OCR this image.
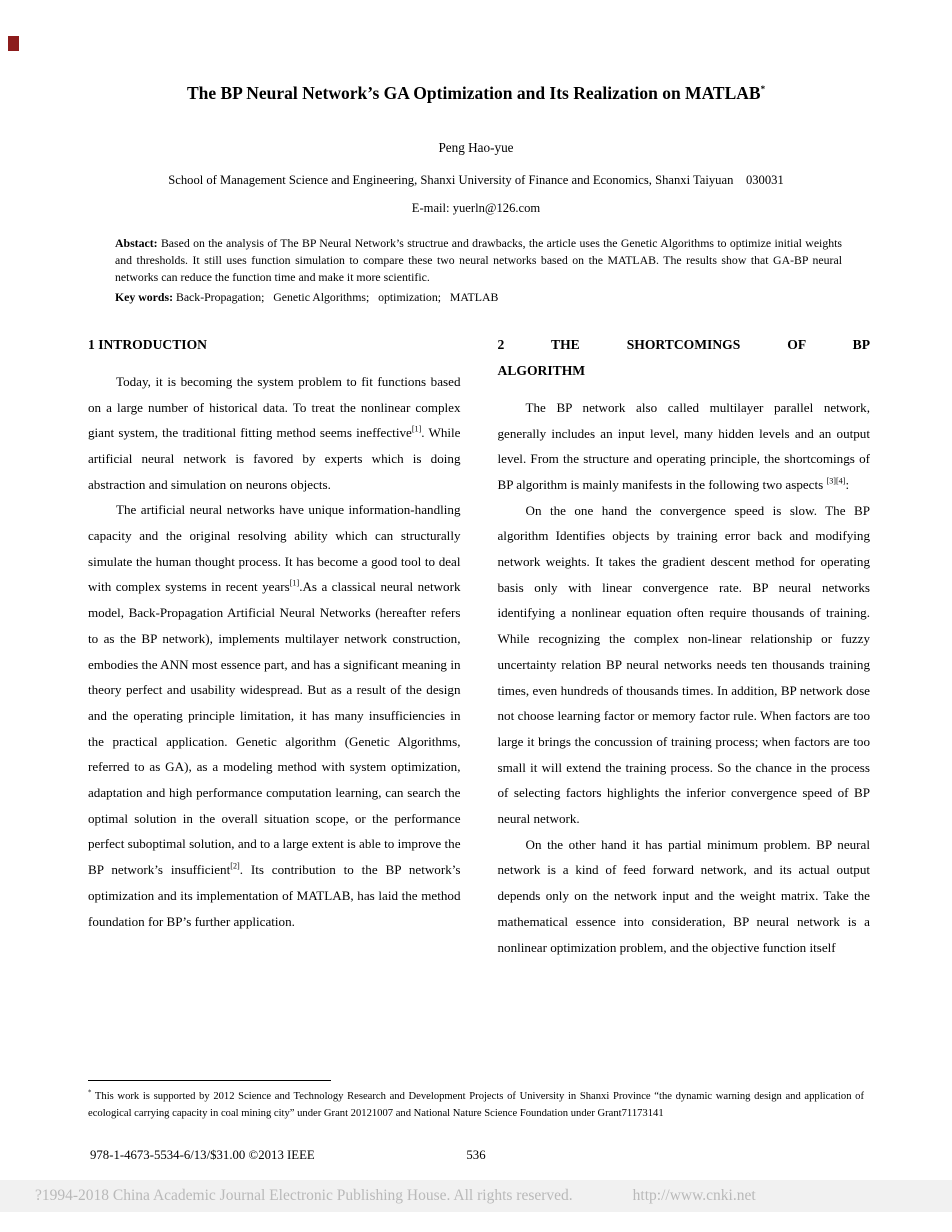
The BP Neural Network’s GA Optimization and Its Realization on MATLAB*
Peng Hao-yue
School of Management Science and Engineering, Shanxi University of Finance and Economics, Shanxi Taiyuan    030031
E-mail: yuerln@126.com

Abstact: Based on the analysis of The BP Neural Network’s structrue and drawbacks, the article uses the Genetic Algorithms to optimize initial weights and thresholds. It still uses function simulation to compare these two neural networks based on the MATLAB. The results show that GA-BP neural networks can reduce the function time and make it more scientific.

Key words: Back-Propagation;   Genetic Algorithms;   optimization;   MATLAB

1 INTRODUCTION

Today, it is becoming the system problem to fit functions based on a large number of historical data. To treat the nonlinear complex giant system, the traditional fitting method seems ineffective[1]. While artificial neural network is favored by experts which is doing abstraction and simulation on neurons objects.

The artificial neural networks have unique information-handling capacity and the original resolving ability which can structurally simulate the human thought process. It has become a good tool to deal with complex systems in recent years[1].As a classical neural network model, Back-Propagation Artificial Neural Networks (hereafter refers to as the BP network), implements multilayer network construction, embodies the ANN most essence part, and has a significant meaning in theory perfect and usability widespread. But as a result of the design and the operating principle limitation, it has many insufficiencies in the practical application. Genetic algorithm (Genetic Algorithms, referred to as GA), as a modeling method with system optimization, adaptation and high performance computation learning, can search the optimal solution in the overall situation scope, or the performance perfect suboptimal solution, and to a large extent is able to improve the BP network’s insufficient[2]. Its contribution to the BP network’s optimization and its implementation of MATLAB, has laid the method foundation for BP’s further application.

2 THE SHORTCOMINGS OF BP ALGORITHM

The BP network also called multilayer parallel network, generally includes an input level, many hidden levels and an output level. From the structure and operating principle, the shortcomings of BP algorithm is mainly manifests in the following two aspects [3][4]:

On the one hand the convergence speed is slow. The BP algorithm Identifies objects by training error back and modifying network weights. It takes the gradient descent method for operating basis only with linear convergence rate. BP neural networks identifying a nonlinear equation often require thousands of training. While recognizing the complex non-linear relationship or fuzzy uncertainty relation BP neural networks needs ten thousands training times, even hundreds of thousands times. In addition, BP network dose not choose learning factor or memory factor rule. When factors are too large it brings the concussion of training process; when factors are too small it will extend the training process. So the chance in the process of selecting factors highlights the inferior convergence speed of BP neural network.

On the other hand it has partial minimum problem. BP neural network is a kind of feed forward network, and its actual output depends only on the network input and the weight matrix. Take the mathematical essence into consideration, BP neural network is a nonlinear optimization problem, and the objective function itself

* This work is supported by 2012 Science and Technology Research and Development Projects of University in Shanxi Province “the dynamic warning design and application of ecological carrying capacity in coal mining city” under Grant 20121007 and National Nature Science Foundation under Grant71173141
978-1-4673-5534-6/13/$31.00 ©2013 IEEE	536
?1994-2018 China Academic Journal Electronic Publishing House. All rights reserved.	http://www.cnki.net
